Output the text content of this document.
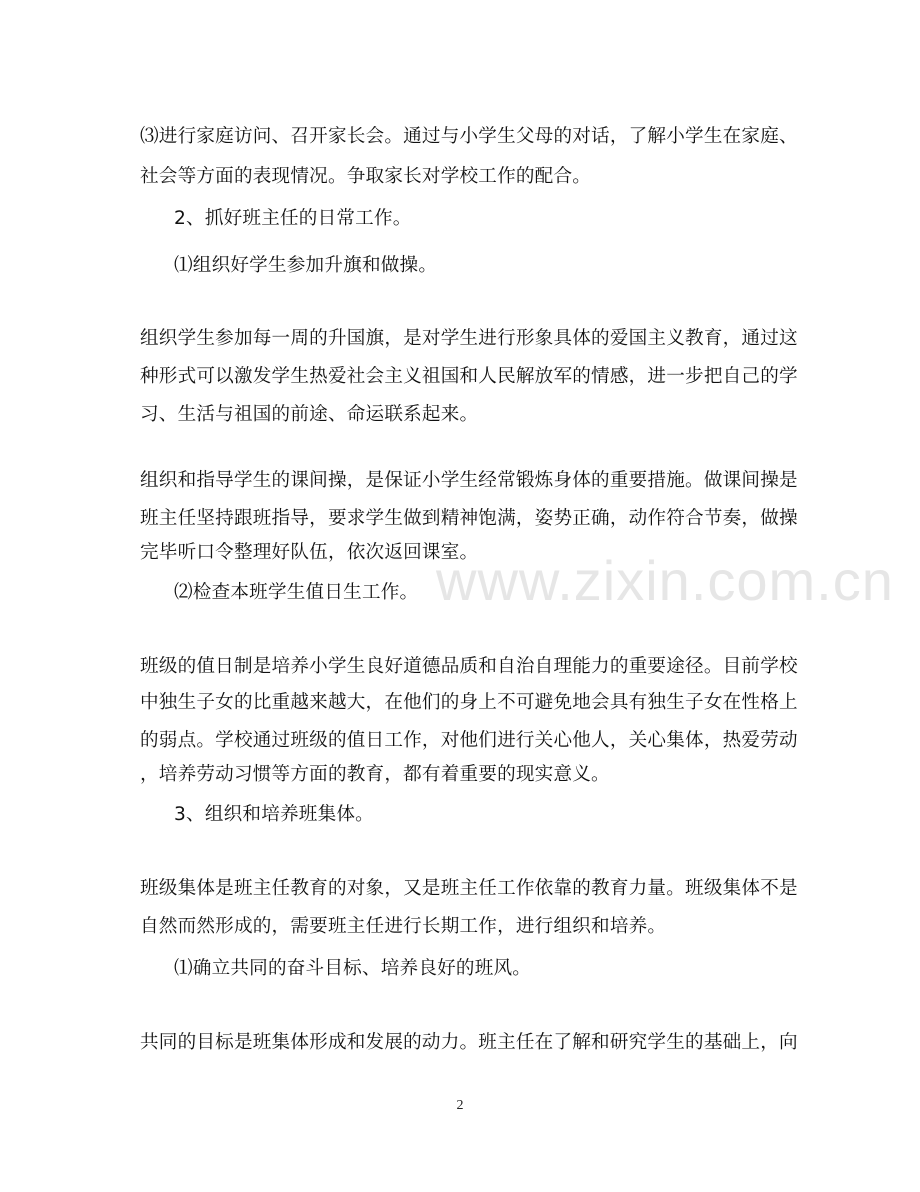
www.zixin.com.cn
⑶进行家庭访问、召开家长会。通过与小学生父母的对话，了解小学生在家庭、
社会等方面的表现情况。争取家长对学校工作的配合。
2、抓好班主任的日常工作。
⑴组织好学生参加升旗和做操。
组织学生参加每一周的升国旗，是对学生进行形象具体的爱国主义教育，通过这
种形式可以激发学生热爱社会主义祖国和人民解放军的情感，进一步把自己的学
习、生活与祖国的前途、命运联系起来。
组织和指导学生的课间操，是保证小学生经常锻炼身体的重要措施。做课间操是
班主任坚持跟班指导，要求学生做到精神饱满，姿势正确，动作符合节奏，做操
完毕听口令整理好队伍，依次返回课室。
⑵检查本班学生值日生工作。
班级的值日制是培养小学生良好道德品质和自治自理能力的重要途径。目前学校
中独生子女的比重越来越大，在他们的身上不可避免地会具有独生子女在性格上
的弱点。学校通过班级的值日工作，对他们进行关心他人，关心集体，热爱劳动
，培养劳动习惯等方面的教育，都有着重要的现实意义。
3、组织和培养班集体。
班级集体是班主任教育的对象，又是班主任工作依靠的教育力量。班级集体不是
自然而然形成的，需要班主任进行长期工作，进行组织和培养。
⑴确立共同的奋斗目标、培养良好的班风。
共同的目标是班集体形成和发展的动力。班主任在了解和研究学生的基础上，向
2
